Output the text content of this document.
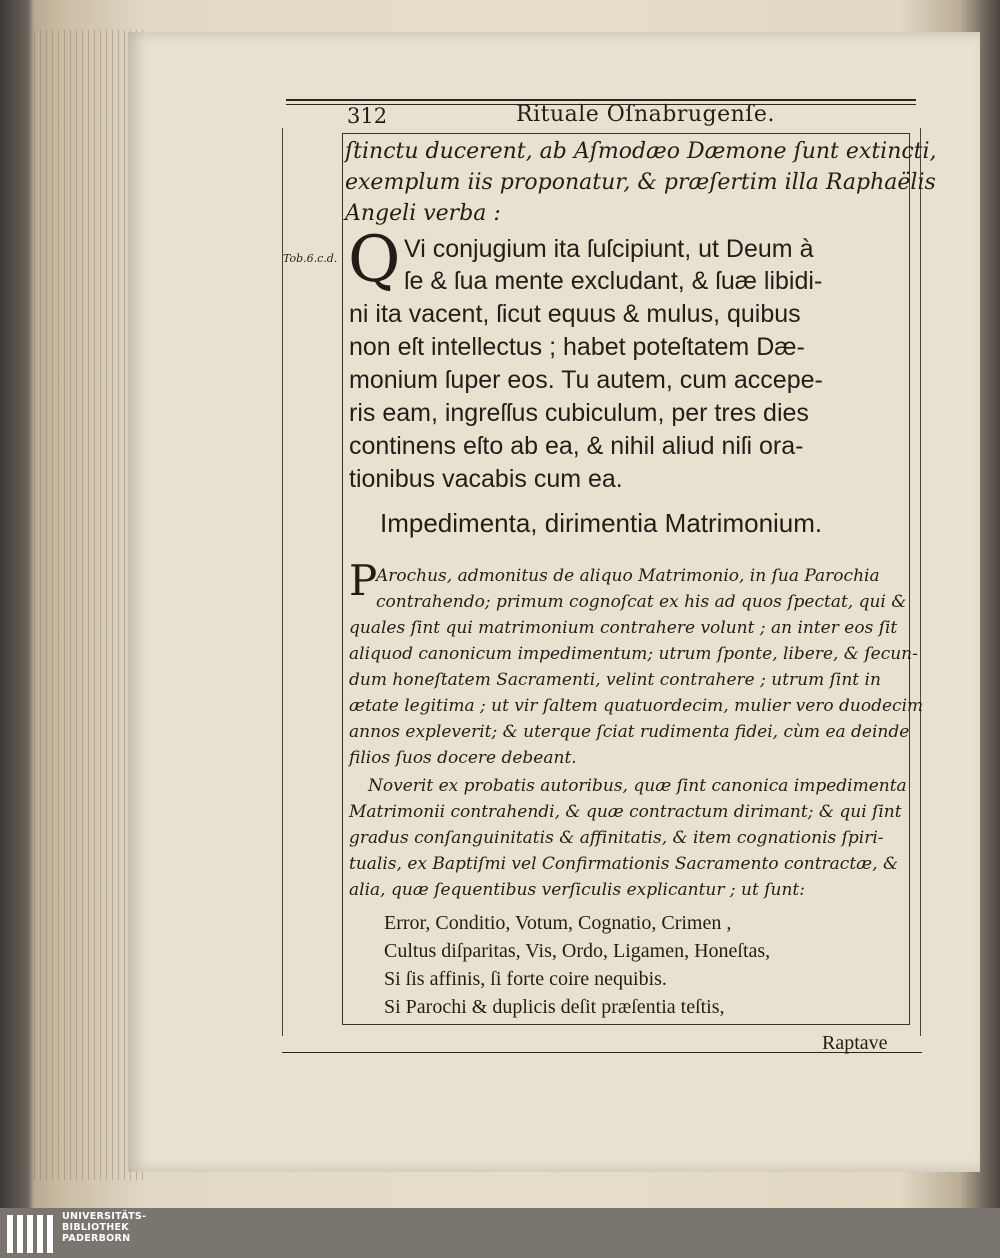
312	Rituale Oſnabrugenſe.
ſtinctu ducerent, ab Aſmodæo Dæmone ſunt extincti,
exemplum iis proponatur, & præſertim illa Raphaëlis
Angeli verba :
Tob.6.c.d. Q Vi conjugium ita ſuſcipiunt, ut Deum à
ſe & ſua mente excludant, & ſuæ libidi-
ni ita vacent, ſicut equus & mulus, quibus
non eſt intellectus ; habet poteſtatem Dæ-
monium ſuper eos. Tu autem, cum accepe-
ris eam, ingreſſus cubiculum, per tres dies
continens eſto ab ea, & nihil aliud niſi ora-
tionibus vacabis cum ea.
Impedimenta, dirimentia Matrimonium.
P
Arochus, admonitus de aliquo Matrimonio, in ſua Parochia
contrahendo; primum cognoſcat ex his ad quos ſpectat, qui &
quales ſint qui matrimonium contrahere volunt ; an inter eos ſit
aliquod canonicum impedimentum; utrum ſponte, libere, & ſecun-
dum honeſtatem Sacramenti, velint contrahere ; utrum ſint in
ætate legitima ; ut vir ſaltem quatuordecim, mulier vero duodecim
annos expleverit; & uterque ſciat rudimenta fidei, cùm ea deinde
filios ſuos docere debeant.
Noverit ex probatis autoribus, quæ ſint canonica impedimenta
Matrimonii contrahendi, & quæ contractum dirimant; & qui ſint
gradus conſanguinitatis & affinitatis, & item cognationis ſpiri-
tualis, ex Baptiſmi vel Confirmationis Sacramento contractæ, &
alia, quæ ſequentibus verſiculis explicantur ; ut ſunt:
Error, Conditio, Votum, Cognatio, Crimen ,
Cultus diſparitas, Vis, Ordo, Ligamen, Honeſtas,
Si ſis affinis, ſi forte coire nequibis.
Si Parochi & duplicis deſit præſentia teſtis,
Raptave
UNIVERSITÄTS-
BIBLIOTHEK
PADERBORN
